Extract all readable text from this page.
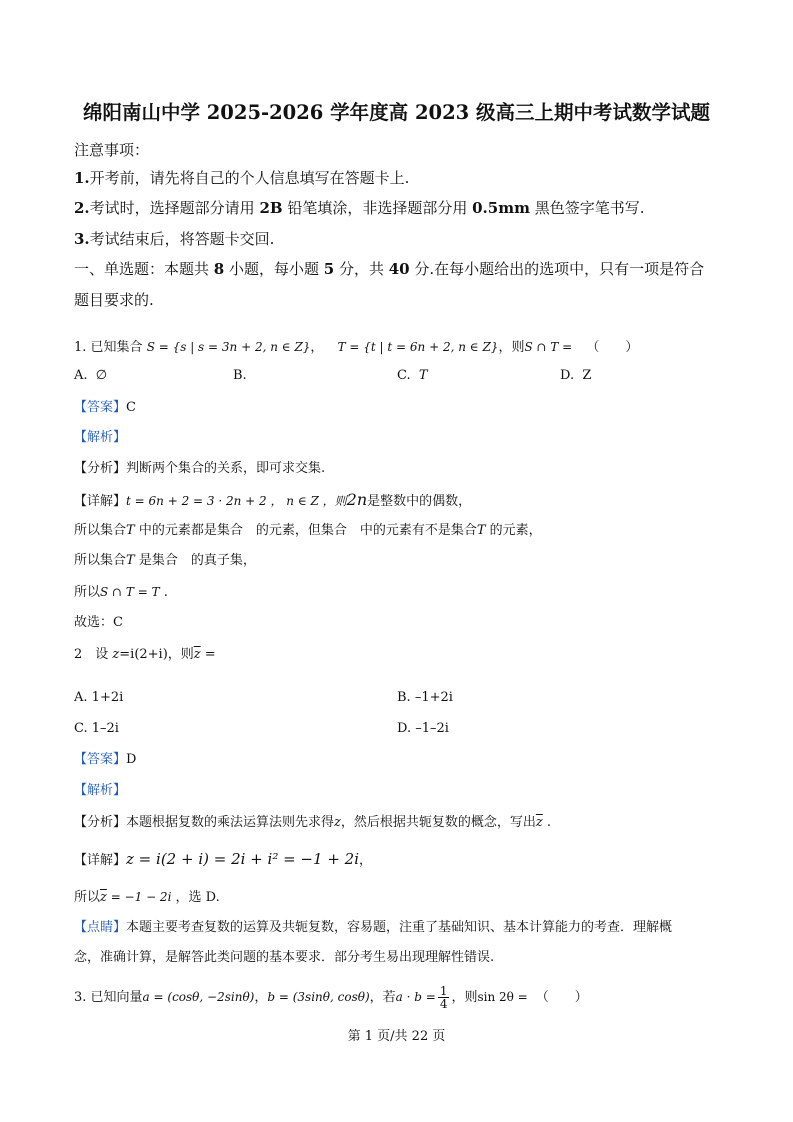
绵阳南山中学 2025-2026 学年度高 2023 级高三上期中考试数学试题
注意事项：
1.开考前，请先将自己的个人信息填写在答题卡上.
2.考试时，选择题部分请用 2B 铅笔填涂，非选择题部分用 0.5mm 黑色签字笔书写.
3.考试结束后，将答题卡交回.
一、单选题：本题共 8 小题，每小题 5 分，共 40 分.在每小题给出的选项中，只有一项是符合
题目要求的.
1. 已知集合 S = {s | s = 3n + 2, n ∈ Z}， T = {t | t = 6n + 2, n ∈ Z}，则S ∩ T = （　　）
A. ∅	B.	C. T	D. Z
【答案】C
【解析】
【分析】判断两个集合的关系，即可求交集.
【详解】t = 6n + 2 = 3 · 2n + 2 ， n ∈ Z ，则2n是整数中的偶数，
所以集合T 中的元素都是集合　的元素，但集合　中的元素有不是集合T 的元素，
所以集合T 是集合　的真子集，
所以S ∩ T = T .
故选：C
2　设 z=i(2+i)，则$\overline{z}$ =
A. 1+2i	B. –1+2i
C. 1–2i	D. –1–2i
【答案】D
【解析】
【分析】本题根据复数的乘法运算法则先求得z，然后根据共轭复数的概念，写出$\overline{z}$ .
【详解】z = i(2 + i) = 2i + i² = −1 + 2i，
所以$\overline{z} = -1 - 2i$ ，选 D.
【点睛】本题主要考查复数的运算及共轭复数，容易题，注重了基础知识、基本计算能力的考查．理解概
念，准确计算，是解答此类问题的基本要求．部分考生易出现理解性错误.
3. 已知向量a = (cosθ, −2sinθ)，b = (3sinθ, cosθ)，若$a \cdot b = \frac{1}{4}$ ，则sin 2θ = （　　）
第 1 页/共 22 页
